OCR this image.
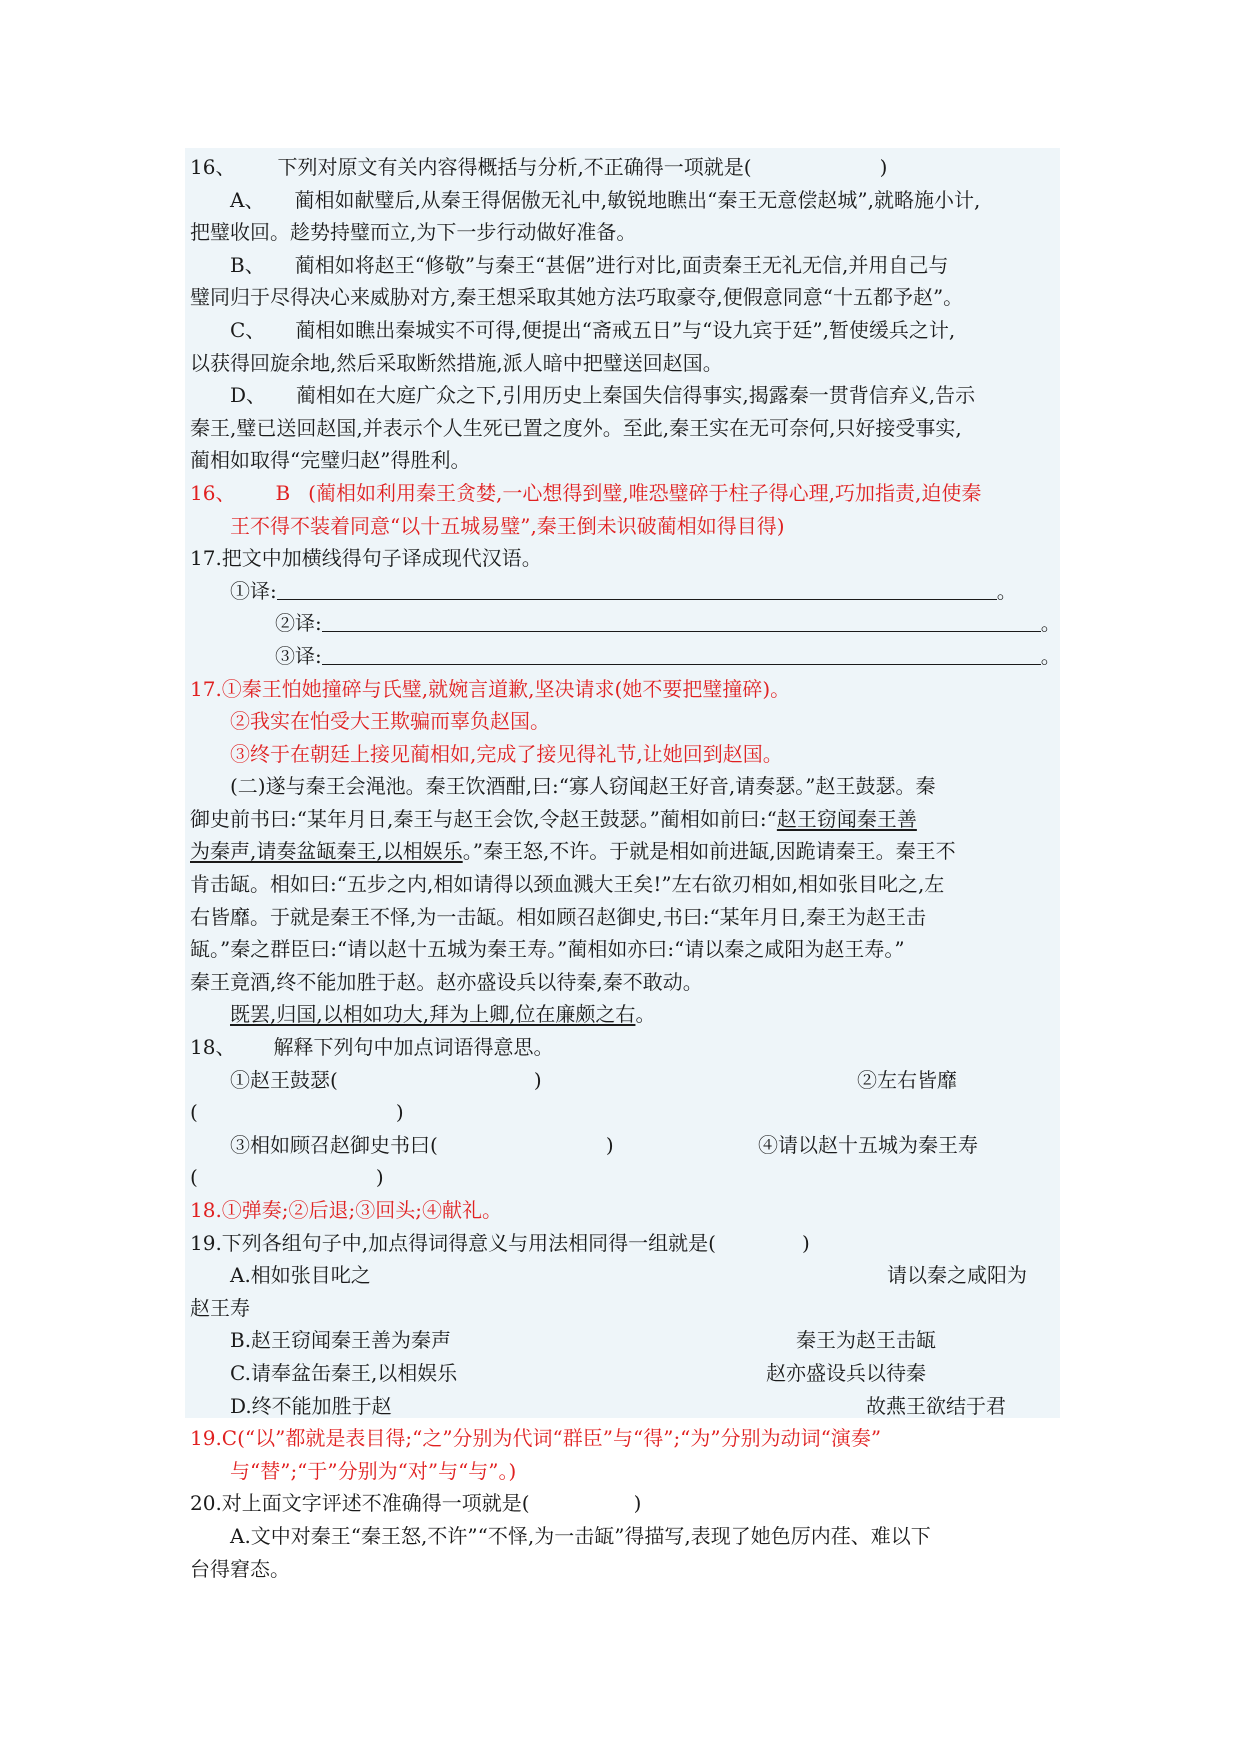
16、 下列对原文有关内容得概括与分析,不正确得一项就是(	)
A、 蔺相如献璧后,从秦王得倨傲无礼中,敏锐地瞧出“秦王无意偿赵城”,就略施小计,
把璧收回。趁势持璧而立,为下一步行动做好准备。
B、 蔺相如将赵王“修敬”与秦王“甚倨”进行对比,面责秦王无礼无信,并用自己与
璧同归于尽得决心来威胁对方,秦王想采取其她方法巧取豪夺,便假意同意“十五都予赵”。
C、 蔺相如瞧出秦城实不可得,便提出“斋戒五日”与“设九宾于廷”,暂使缓兵之计,
以获得回旋余地,然后采取断然措施,派人暗中把璧送回赵国。
D、 蔺相如在大庭广众之下,引用历史上秦国失信得事实,揭露秦一贯背信弃义,告示
秦王,璧已送回赵国,并表示个人生死已置之度外。至此,秦王实在无可奈何,只好接受事实,
蔺相如取得“完璧归赵”得胜利。
16、 B (蔺相如利用秦王贪婪,一心想得到璧,唯恐璧碎于柱子得心理,巧加指责,迫使秦
王不得不装着同意“以十五城易璧”,秦王倒未识破蔺相如得目得)
17.把文中加横线得句子译成现代汉语。
①译:	。
②译:	。
③译:	。
17.①秦王怕她撞碎与氏璧,就婉言道歉,坚决请求(她不要把璧撞碎)。
②我实在怕受大王欺骗而辜负赵国。
③终于在朝廷上接见蔺相如,完成了接见得礼节,让她回到赵国。
(二)遂与秦王会渑池。秦王饮酒酣,曰:“寡人窃闻赵王好音,请奏瑟。”赵王鼓瑟。秦
御史前书曰:“某年月日,秦王与赵王会饮,令赵王鼓瑟。”蔺相如前曰:“赵王窃闻秦王善
为秦声,请奏盆缻秦王,以相娱乐。”秦王怒,不许。于就是相如前进缻,因跪请秦王。秦王不
肯击缻。相如曰:“五步之内,相如请得以颈血溅大王矣!”左右欲刃相如,相如张目叱之,左
右皆靡。于就是秦王不怿,为一击缻。相如顾召赵御史,书曰:“某年月日,秦王为赵王击
缻。”秦之群臣曰:“请以赵十五城为秦王寿。”蔺相如亦曰:“请以秦之咸阳为赵王寿。”
秦王竟酒,终不能加胜于赵。赵亦盛设兵以待秦,秦不敢动。
既罢,归国,以相如功大,拜为上卿,位在廉颇之右。
18、 解释下列句中加点词语得意思。
①赵王鼓瑟(	)	②左右皆靡
(	)
③相如顾召赵御史书曰(	)	④请以赵十五城为秦王寿
(	)
18.①弹奏;②后退;③回头;④献礼。
19.下列各组句子中,加点得词得意义与用法相同得一组就是(	)
A.相如张目叱之	请以秦之咸阳为
赵王寿
B.赵王窃闻秦王善为秦声	秦王为赵王击缻
C.请奉盆缶秦王,以相娱乐	赵亦盛设兵以待秦
D.终不能加胜于赵	故燕王欲结于君
19.C(“以”都就是表目得;“之”分别为代词“群臣”与“得”;“为”分别为动词“演奏”
与“替”;“于”分别为“对”与“与”。)
20.对上面文字评述不准确得一项就是(	)
A.文中对秦王“秦王怒,不许”“不怿,为一击缻”得描写,表现了她色厉内荏、难以下
台得窘态。
